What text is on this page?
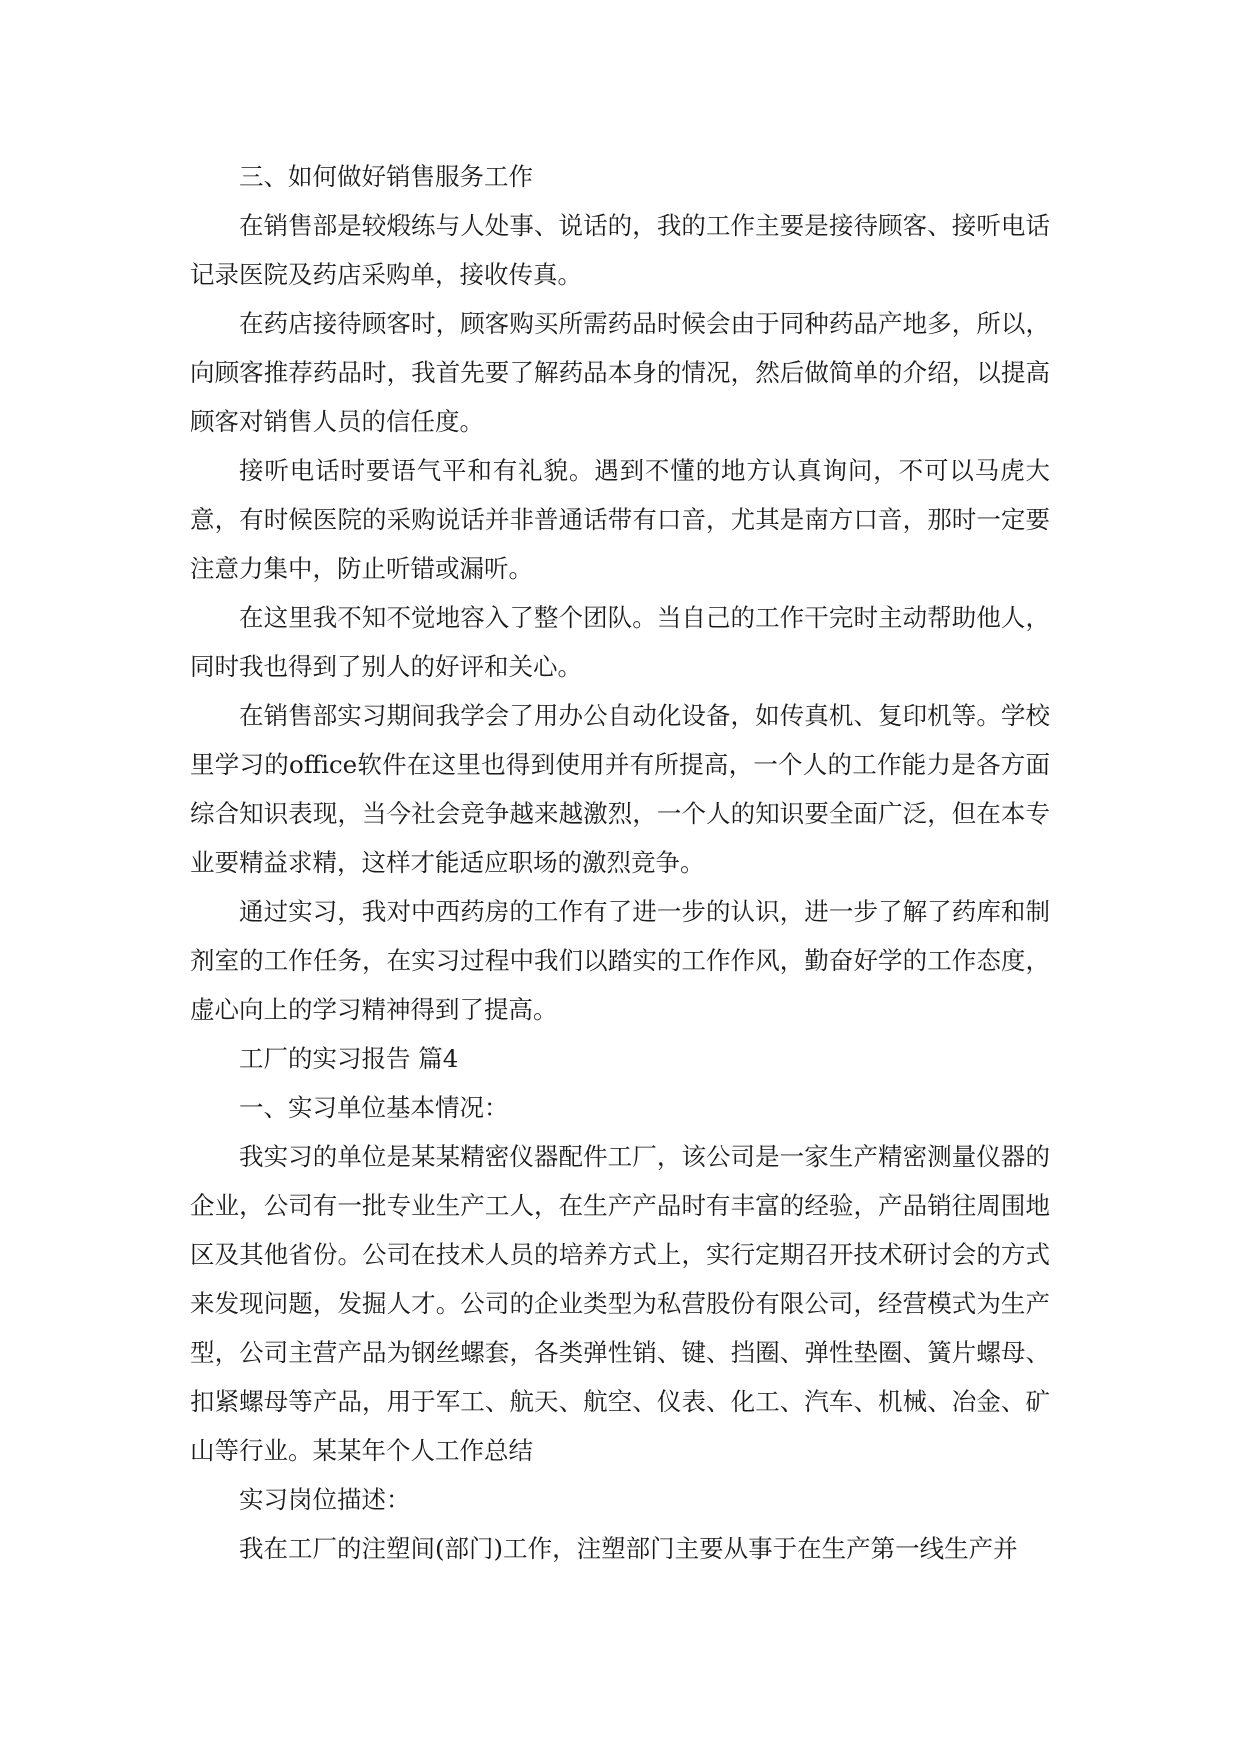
三、如何做好销售服务工作

在销售部是较煅练与人处事、说话的，我的工作主要是接待顾客、接听电话记录医院及药店采购单，接收传真。

在药店接待顾客时，顾客购买所需药品时候会由于同种药品产地多，所以，向顾客推荐药品时，我首先要了解药品本身的情况，然后做简单的介绍，以提高顾客对销售人员的信任度。

接听电话时要语气平和有礼貌。遇到不懂的地方认真询问，不可以马虎大意，有时候医院的采购说话并非普通话带有口音，尤其是南方口音，那时一定要注意力集中，防止听错或漏听。

在这里我不知不觉地容入了整个团队。当自己的工作干完时主动帮助他人，同时我也得到了别人的好评和关心。

在销售部实习期间我学会了用办公自动化设备，如传真机、复印机等。学校里学习的office软件在这里也得到使用并有所提高，一个人的工作能力是各方面综合知识表现，当今社会竞争越来越激烈，一个人的知识要全面广泛，但在本专业要精益求精，这样才能适应职场的激烈竞争。

通过实习，我对中西药房的工作有了进一步的认识，进一步了解了药库和制剂室的工作任务，在实习过程中我们以踏实的工作作风，勤奋好学的工作态度，虚心向上的学习精神得到了提高。

工厂的实习报告 篇4

一、实习单位基本情况：

我实习的单位是某某精密仪器配件工厂，该公司是一家生产精密测量仪器的企业，公司有一批专业生产工人，在生产产品时有丰富的经验，产品销往周围地区及其他省份。公司在技术人员的培养方式上，实行定期召开技术研讨会的方式来发现问题，发掘人才。公司的企业类型为私营股份有限公司，经营模式为生产型，公司主营产品为钢丝螺套，各类弹性销、键、挡圈、弹性垫圈、簧片螺母、扣紧螺母等产品，用于军工、航天、航空、仪表、化工、汽车、机械、冶金、矿山等行业。某某年个人工作总结

实习岗位描述：

我在工厂的注塑间(部门)工作，注塑部门主要从事于在生产第一线生产并
